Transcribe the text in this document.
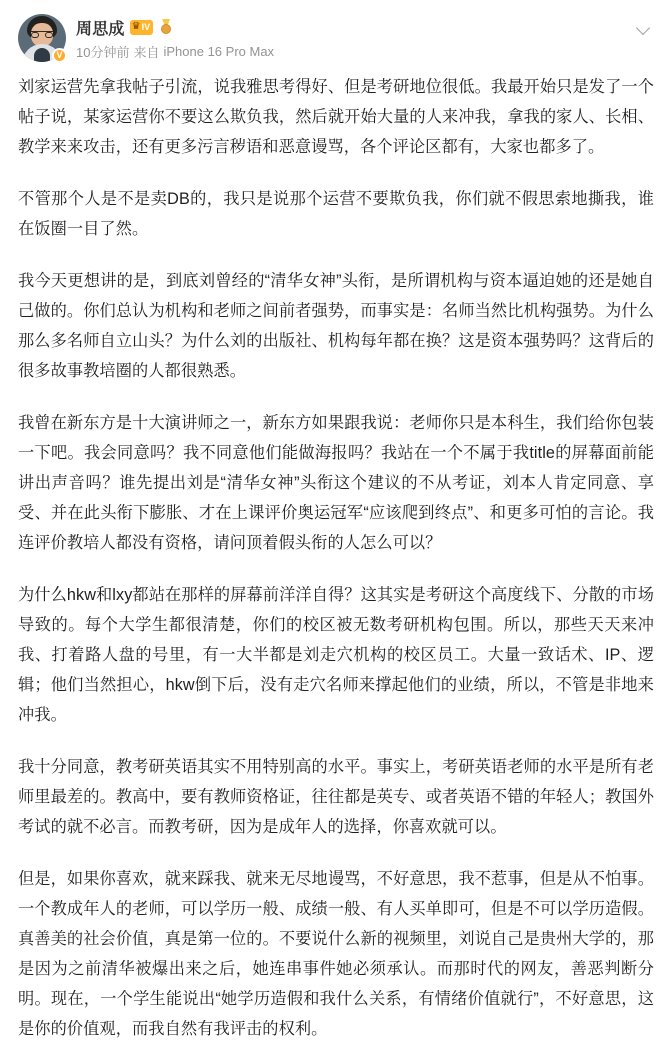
V
周思成 ♛ IV
10分钟前 来自 iPhone 16 Pro Max

刘家运营先拿我帖子引流，说我雅思考得好、但是考研地位很低。我最开始只是发了一个帖子说，某家运营你不要这么欺负我，然后就开始大量的人来冲我，拿我的家人、长相、教学来来攻击，还有更多污言秽语和恶意谩骂，各个评论区都有，大家也都多了。

不管那个人是不是卖DB的，我只是说那个运营不要欺负我，你们就不假思索地撕我，谁在饭圈一目了然。

我今天更想讲的是，到底刘曾经的“清华女神”头衔，是所谓机构与资本逼迫她的还是她自己做的。你们总认为机构和老师之间前者强势，而事实是：名师当然比机构强势。为什么那么多名师自立山头？为什么刘的出版社、机构每年都在换？这是资本强势吗？这背后的很多故事教培圈的人都很熟悉。

我曾在新东方是十大演讲师之一，新东方如果跟我说：老师你只是本科生，我们给你包装一下吧。我会同意吗？我不同意他们能做海报吗？我站在一个不属于我title的屏幕面前能讲出声音吗？谁先提出刘是“清华女神”头衔这个建议的不从考证，刘本人肯定同意、享受、并在此头衔下膨胀、才在上课评价奥运冠军“应该爬到终点”、和更多可怕的言论。我连评价教培人都没有资格，请问顶着假头衔的人怎么可以？

为什么hkw和lxy都站在那样的屏幕前洋洋自得？这其实是考研这个高度线下、分散的市场导致的。每个大学生都很清楚，你们的校区被无数考研机构包围。所以，那些天天来冲我、打着路人盘的号里，有一大半都是刘走穴机构的校区员工。大量一致话术、IP、逻辑；他们当然担心，hkw倒下后，没有走穴名师来撑起他们的业绩，所以，不管是非地来冲我。

我十分同意，教考研英语其实不用特别高的水平。事实上，考研英语老师的水平是所有老师里最差的。教高中，要有教师资格证，往往都是英专、或者英语不错的年轻人；教国外考试的就不必言。而教考研，因为是成年人的选择，你喜欢就可以。

但是，如果你喜欢，就来踩我、就来无尽地谩骂，不好意思，我不惹事，但是从不怕事。一个教成年人的老师，可以学历一般、成绩一般、有人买单即可，但是不可以学历造假。真善美的社会价值，真是第一位的。不要说什么新的视频里，刘说自己是贵州大学的，那是因为之前清华被爆出来之后，她连串事件她必须承认。而那时代的网友，善恶判断分明。现在，一个学生能说出“她学历造假和我什么关系，有情绪价值就行”，不好意思，这是你的价值观，而我自然有我评击的权利。
